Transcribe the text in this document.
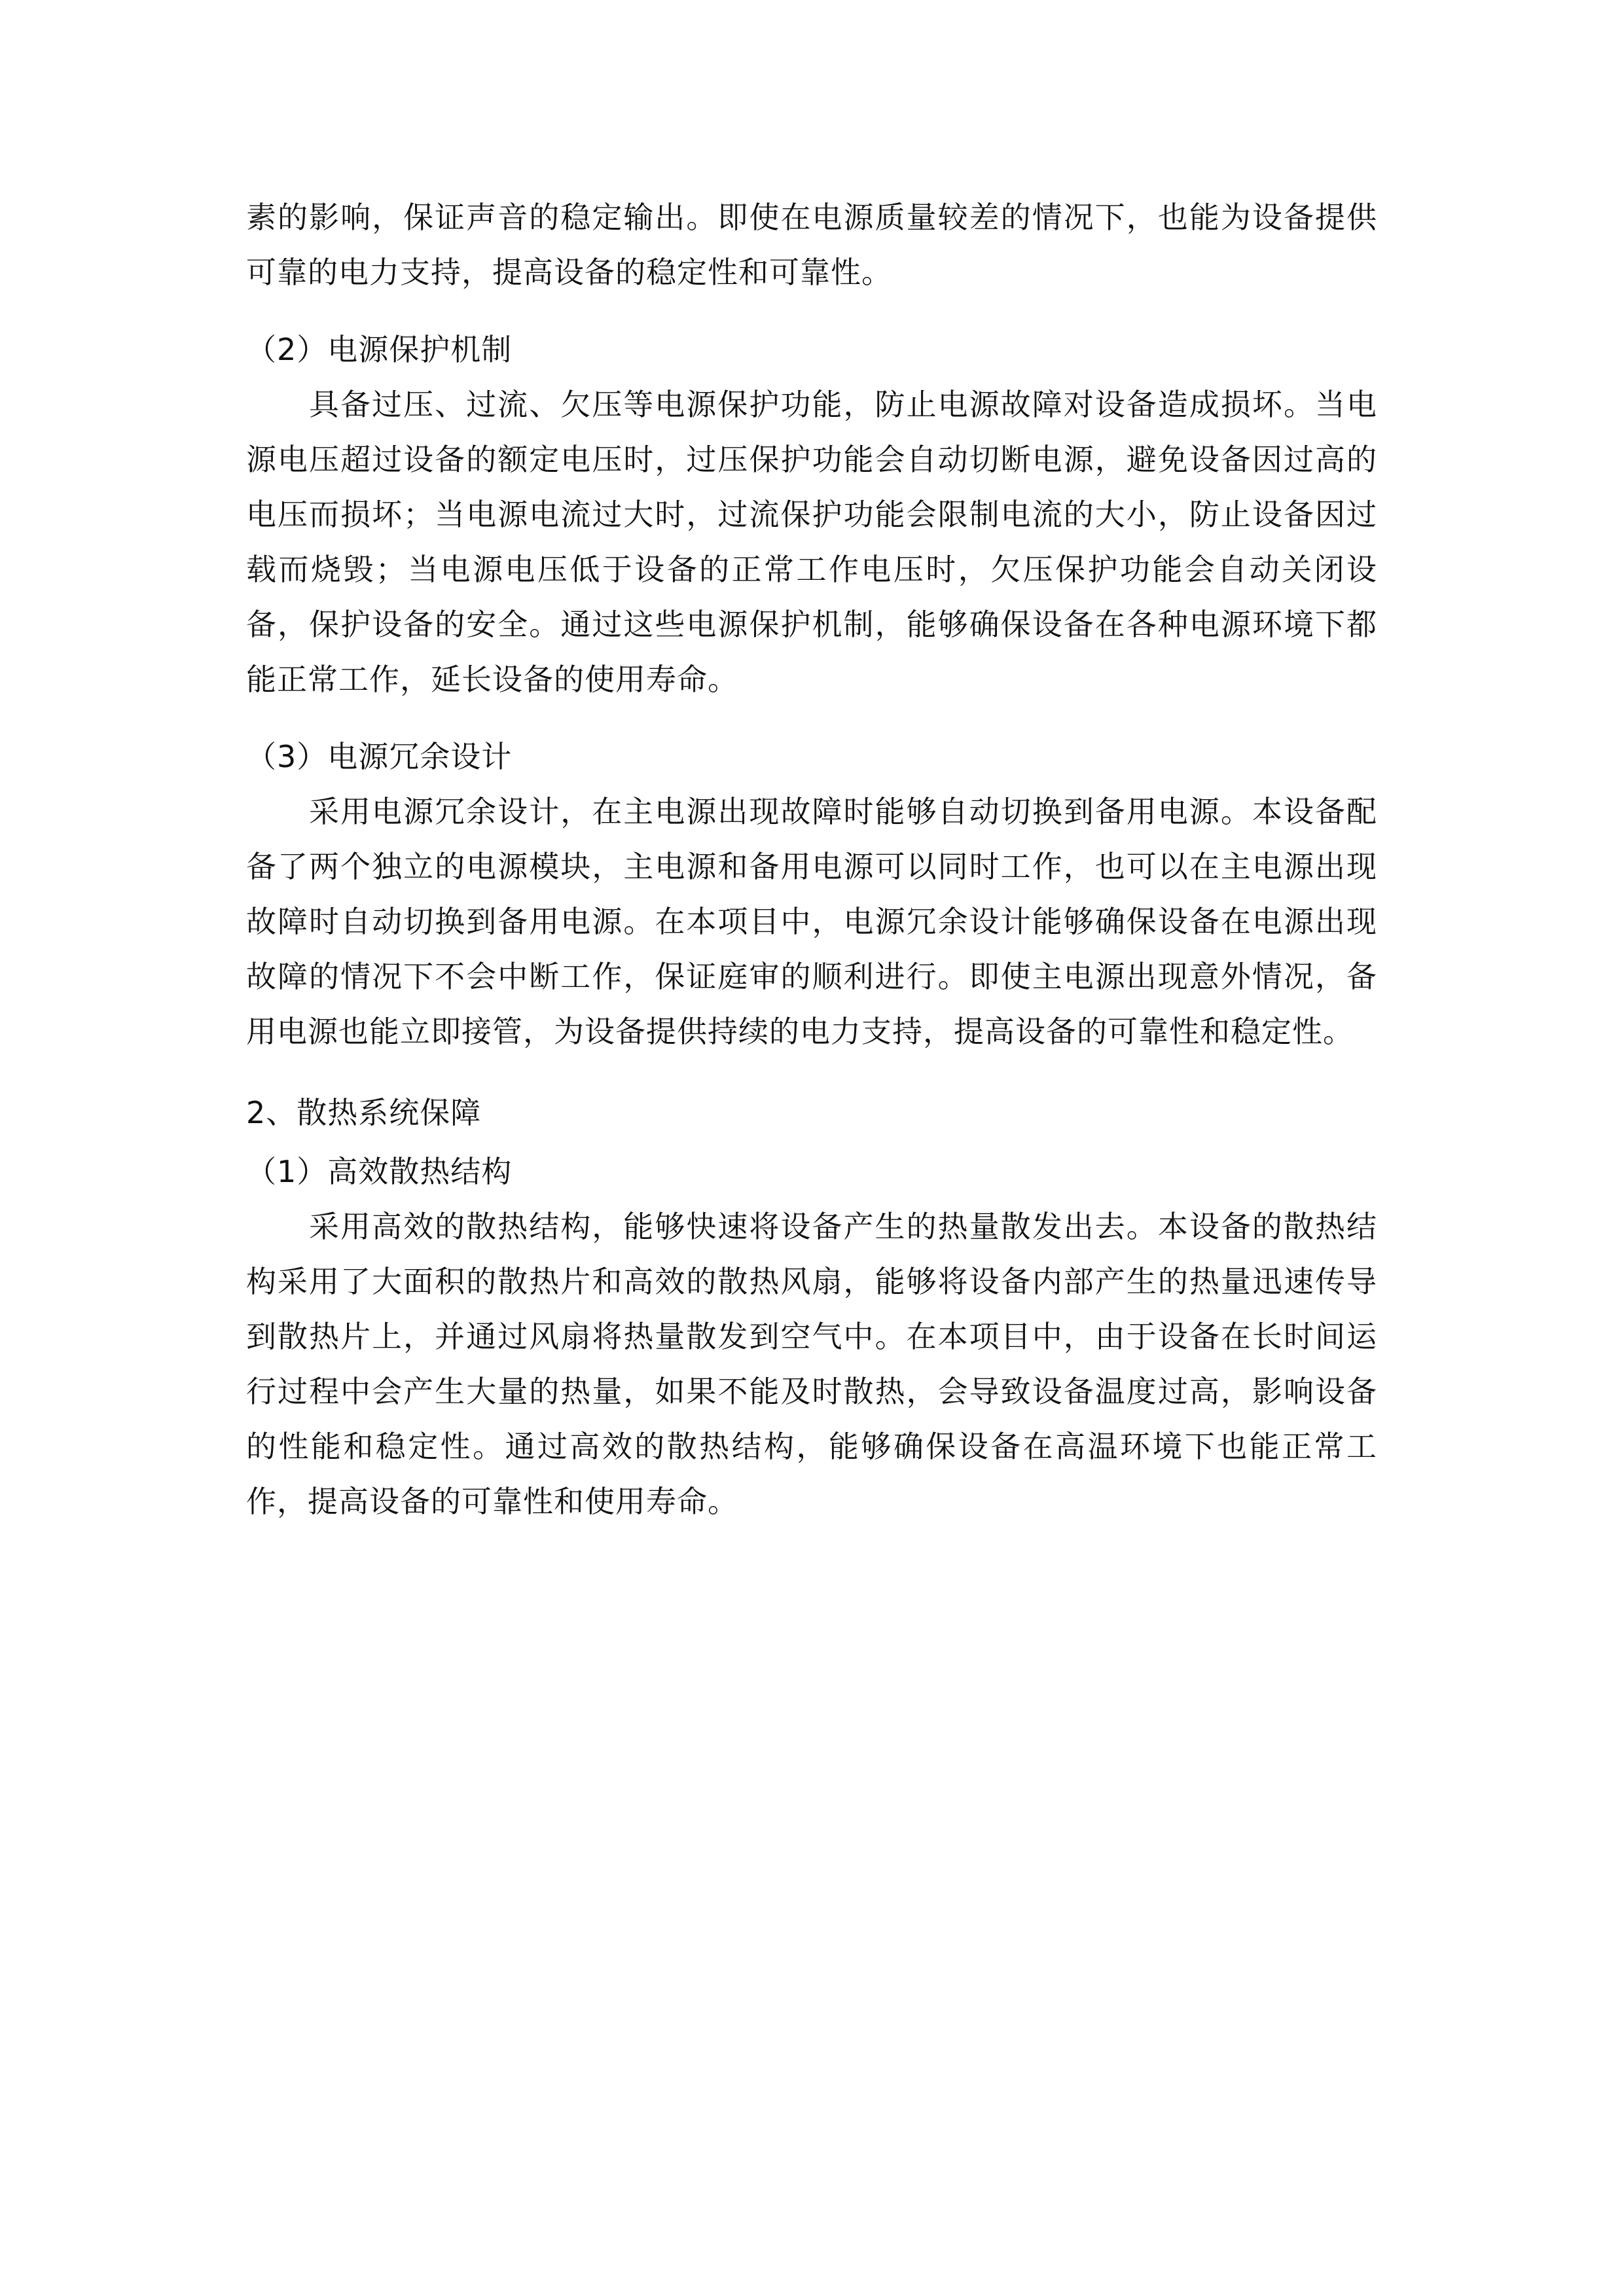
素的影响，保证声音的稳定输出。即使在电源质量较差的情况下，也能为设备提供可靠的电力支持，提高设备的稳定性和可靠性。

（2）电源保护机制

具备过压、过流、欠压等电源保护功能，防止电源故障对设备造成损坏。当电源电压超过设备的额定电压时，过压保护功能会自动切断电源，避免设备因过高的电压而损坏；当电源电流过大时，过流保护功能会限制电流的大小，防止设备因过载而烧毁；当电源电压低于设备的正常工作电压时，欠压保护功能会自动关闭设备，保护设备的安全。通过这些电源保护机制，能够确保设备在各种电源环境下都能正常工作，延长设备的使用寿命。

（3）电源冗余设计

采用电源冗余设计，在主电源出现故障时能够自动切换到备用电源。本设备配备了两个独立的电源模块，主电源和备用电源可以同时工作，也可以在主电源出现故障时自动切换到备用电源。在本项目中，电源冗余设计能够确保设备在电源出现故障的情况下不会中断工作，保证庭审的顺利进行。即使主电源出现意外情况，备用电源也能立即接管，为设备提供持续的电力支持，提高设备的可靠性和稳定性。

2、散热系统保障

（1）高效散热结构

采用高效的散热结构，能够快速将设备产生的热量散发出去。本设备的散热结构采用了大面积的散热片和高效的散热风扇，能够将设备内部产生的热量迅速传导到散热片上，并通过风扇将热量散发到空气中。在本项目中，由于设备在长时间运行过程中会产生大量的热量，如果不能及时散热，会导致设备温度过高，影响设备的性能和稳定性。通过高效的散热结构，能够确保设备在高温环境下也能正常工作，提高设备的可靠性和使用寿命。
